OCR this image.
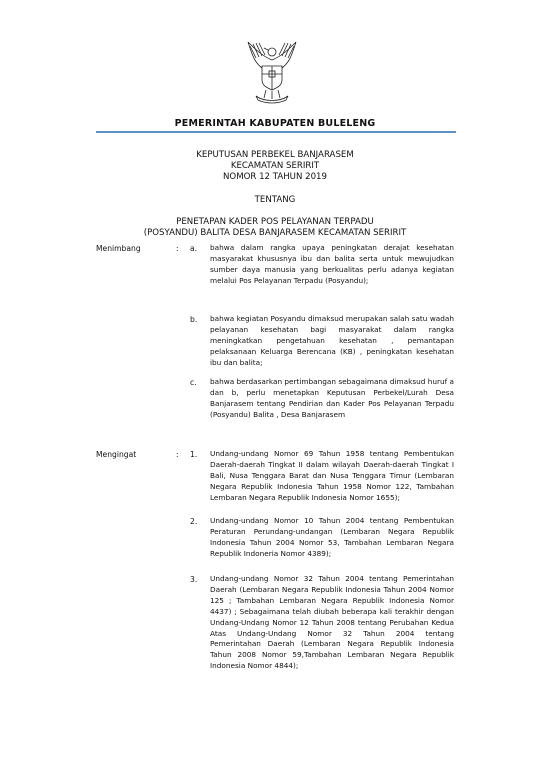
PEMERINTAH KABUPATEN BULELENG
KEPUTUSAN PERBEKEL BANJARASEM
KECAMATAN SERIRIT
NOMOR 12 TAHUN 2019
TENTANG
PENETAPAN KADER POS PELAYANAN TERPADU
(POSYANDU) BALITA DESA BANJARASEM KECAMATAN SERIRIT
Menimbang	: a. bahwa dalam rangka upaya peningkatan derajat kesehatan masyarakat khususnya ibu dan balita serta untuk mewujudkan sumber daya manusia yang berkualitas perlu adanya kegiatan melalui Pos Pelayanan Terpadu (Posyandu);
b. bahwa kegiatan Posyandu dimaksud merupakan salah satu wadah pelayanan kesehatan bagi masyarakat dalam rangka meningkatkan pengetahuan kesehatan , pemantapan pelaksanaan Keluarga Berencana (KB) , peningkatan kesehatan ibu dan balita;
c. bahwa berdasarkan pertimbangan sebagaimana dimaksud huruf a dan b, perlu menetapkan Keputusan Perbekel/Lurah Desa Banjarasem tentang Pendirian dan Kader Pos Pelayanan Terpadu (Posyandu) Balita , Desa Banjarasem
Mengingat	: 1. Undang-undang Nomor 69 Tahun 1958 tentang Pembentukan Daerah-daerah Tingkat II dalam wilayah Daerah-daerah Tingkat I Bali, Nusa Tenggara Barat dan Nusa Tenggara Timur (Lembaran Negara Republik Indonesia Tahun 1958 Nomor 122, Tambahan Lembaran Negara Republik Indonesia Nomor 1655);
2. Undang-undang Nomor 10 Tahun 2004 tentang Pembentukan Peraturan Perundang-undangan (Lembaran Negara Republik Indonesia Tahun 2004 Nomor 53, Tambahan Lembaran Negara Republik Indoneria Nomor 4389);
3. Undang-undang Nomor 32 Tahun 2004 tentang Pemerintahan Daerah (Lembaran Negara Republik Indonesia Tahun 2004 Nomor 125 ; Tambahan Lembaran Negara Republik Indonesia Nomor 4437) ; Sebagaimana telah diubah beberapa kali terakhir dengan Undang-Undang Nomor 12 Tahun 2008 tentang Perubahan Kedua Atas Undang-Undang Nomor 32 Tahun 2004 tentang Pemerintahan Daerah (Lembaran Negara Republik Indonesia Tahun 2008 Nomor 59,Tambahan Lembaran Negara Republik Indonesia Nomor 4844);
